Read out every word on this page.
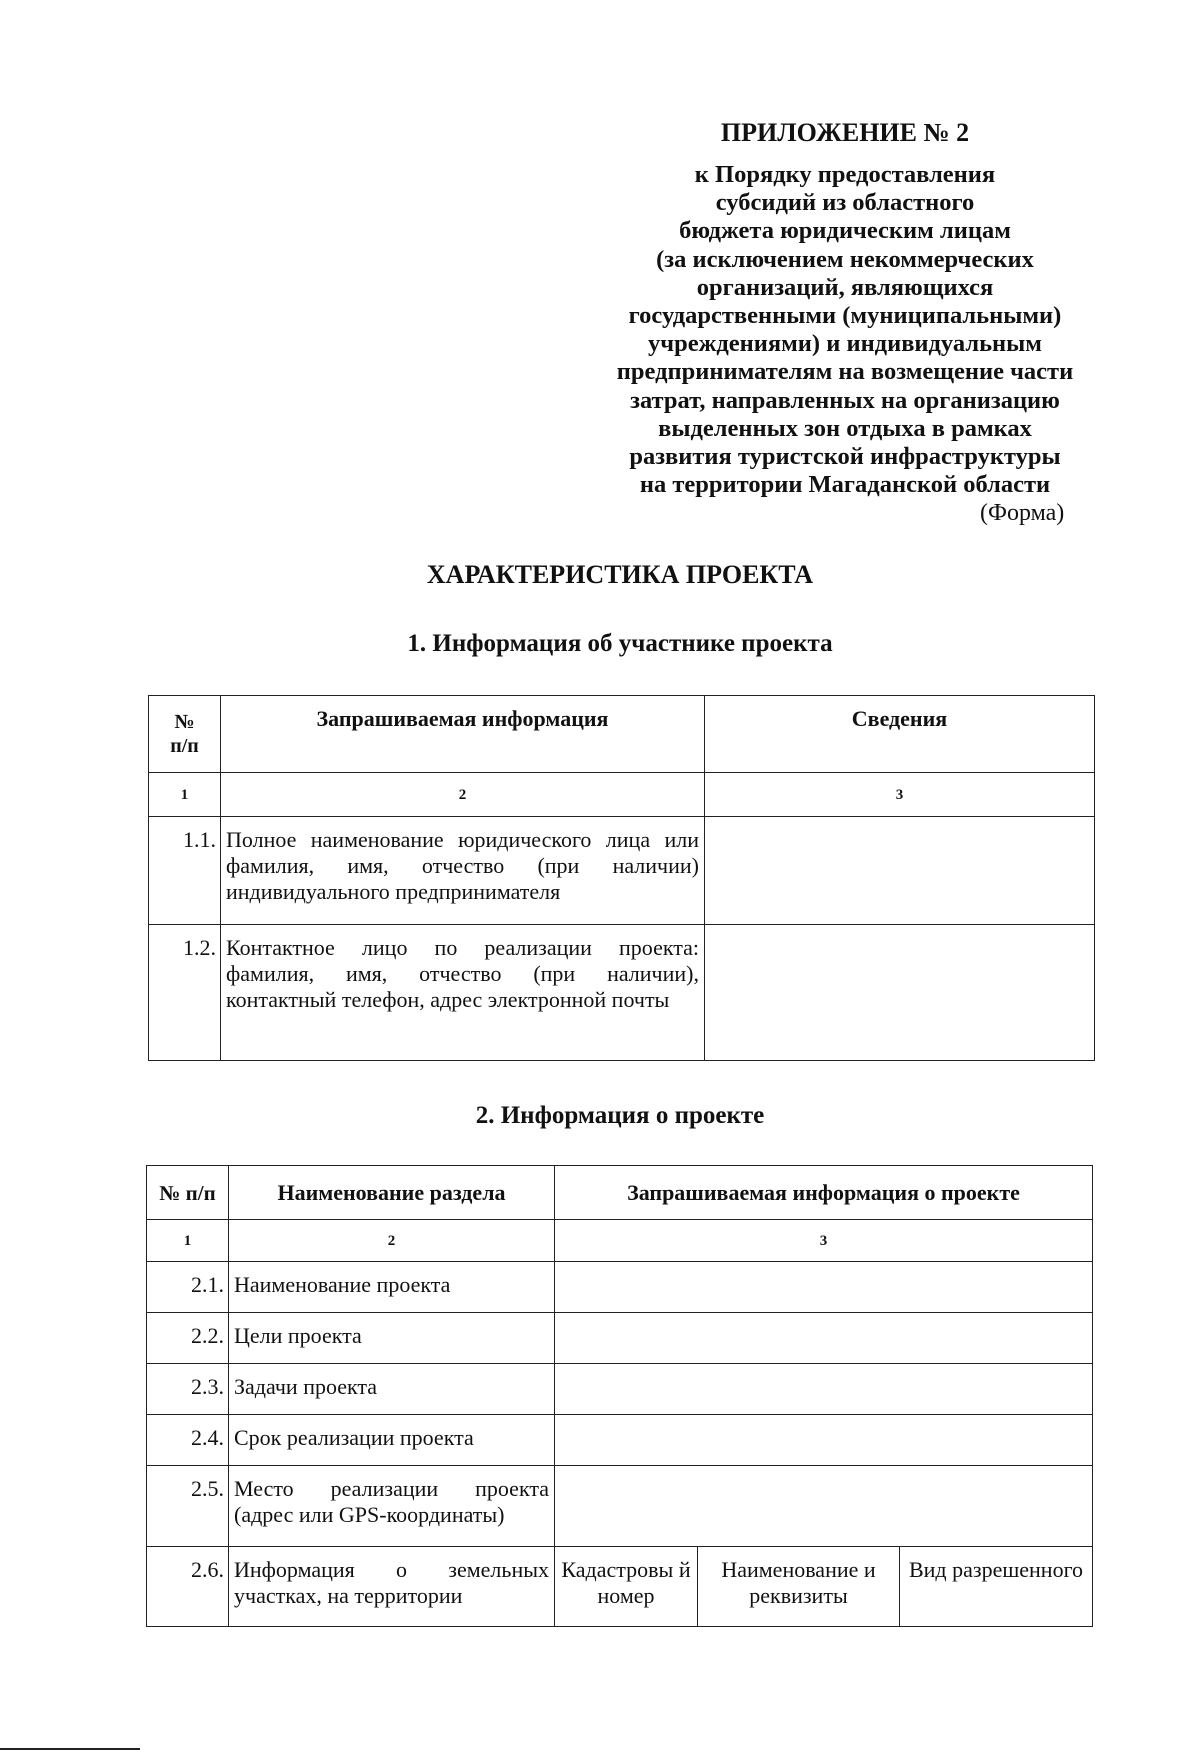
ПРИЛОЖЕНИЕ № 2
к Порядку предоставления
субсидий из областного
бюджета юридическим лицам
(за исключением некоммерческих
организаций, являющихся
государственными (муниципальными)
учреждениями) и индивидуальным
предпринимателям на возмещение части
затрат, направленных на организацию
выделенных зон отдыха в рамках
развития туристской инфраструктуры
на территории Магаданской области
(Форма)
ХАРАКТЕРИСТИКА ПРОЕКТА
1. Информация об участнике проекта
№
п/п	Запрашиваемая информация	Сведения
1	2	3
1.1.	Полное наименование юридического лица или фамилия, имя, отчество (при наличии) индивидуального предпринимателя	
1.2.	Контактное лицо по реализации проекта: фамилия, имя, отчество (при наличии), контактный телефон, адрес электронной почты	
2. Информация о проекте
№ п/п	Наименование раздела	Запрашиваемая информация о проекте		
1	2	3		
2.1.	Наименование проекта			
2.2.	Цели проекта			
2.3.	Задачи проекта			
2.4.	Срок реализации проекта			
2.5.	Место реализации проекта (адрес или GPS-координаты)			
2.6.	Информация о земельных участках, на территории	Кадастровы й номер	Наименование и реквизиты	Вид разрешенного
